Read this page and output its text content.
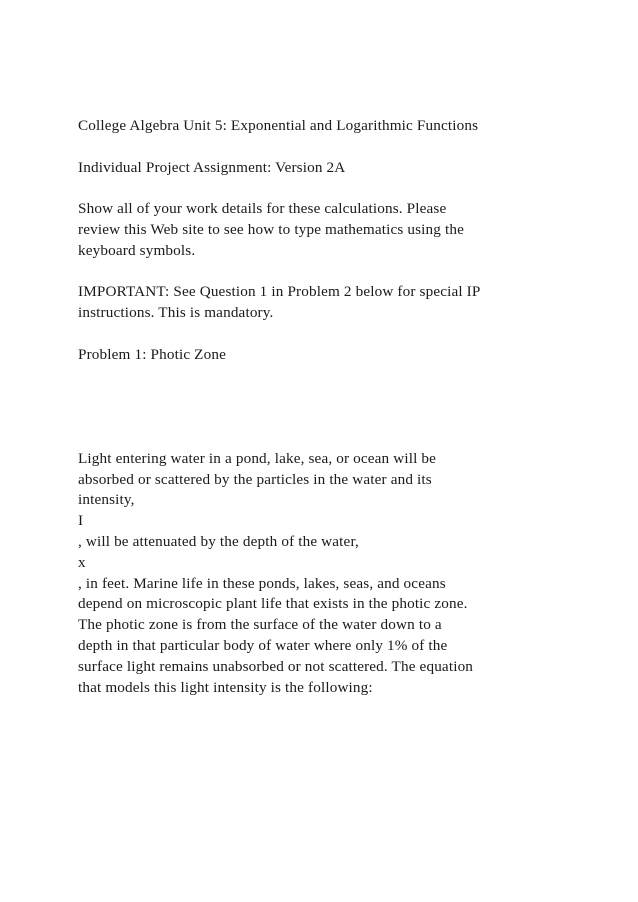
College Algebra Unit 5: Exponential and Logarithmic Functions
Individual Project Assignment: Version 2A
Show all of your work details for these calculations. Please
review this Web site to see how to type mathematics using the
keyboard symbols.
IMPORTANT: See Question 1 in Problem 2 below for special IP
instructions. This is mandatory.
Problem 1: Photic Zone
Light entering water in a pond, lake, sea, or ocean will be
absorbed or scattered by the particles in the water and its
intensity,
I
, will be attenuated by the depth of the water,
x
, in feet. Marine life in these ponds, lakes, seas, and oceans
depend on microscopic plant life that exists in the photic zone.
The photic zone is from the surface of the water down to a
depth in that particular body of water where only 1% of the
surface light remains unabsorbed or not scattered. The equation
that models this light intensity is the following:
